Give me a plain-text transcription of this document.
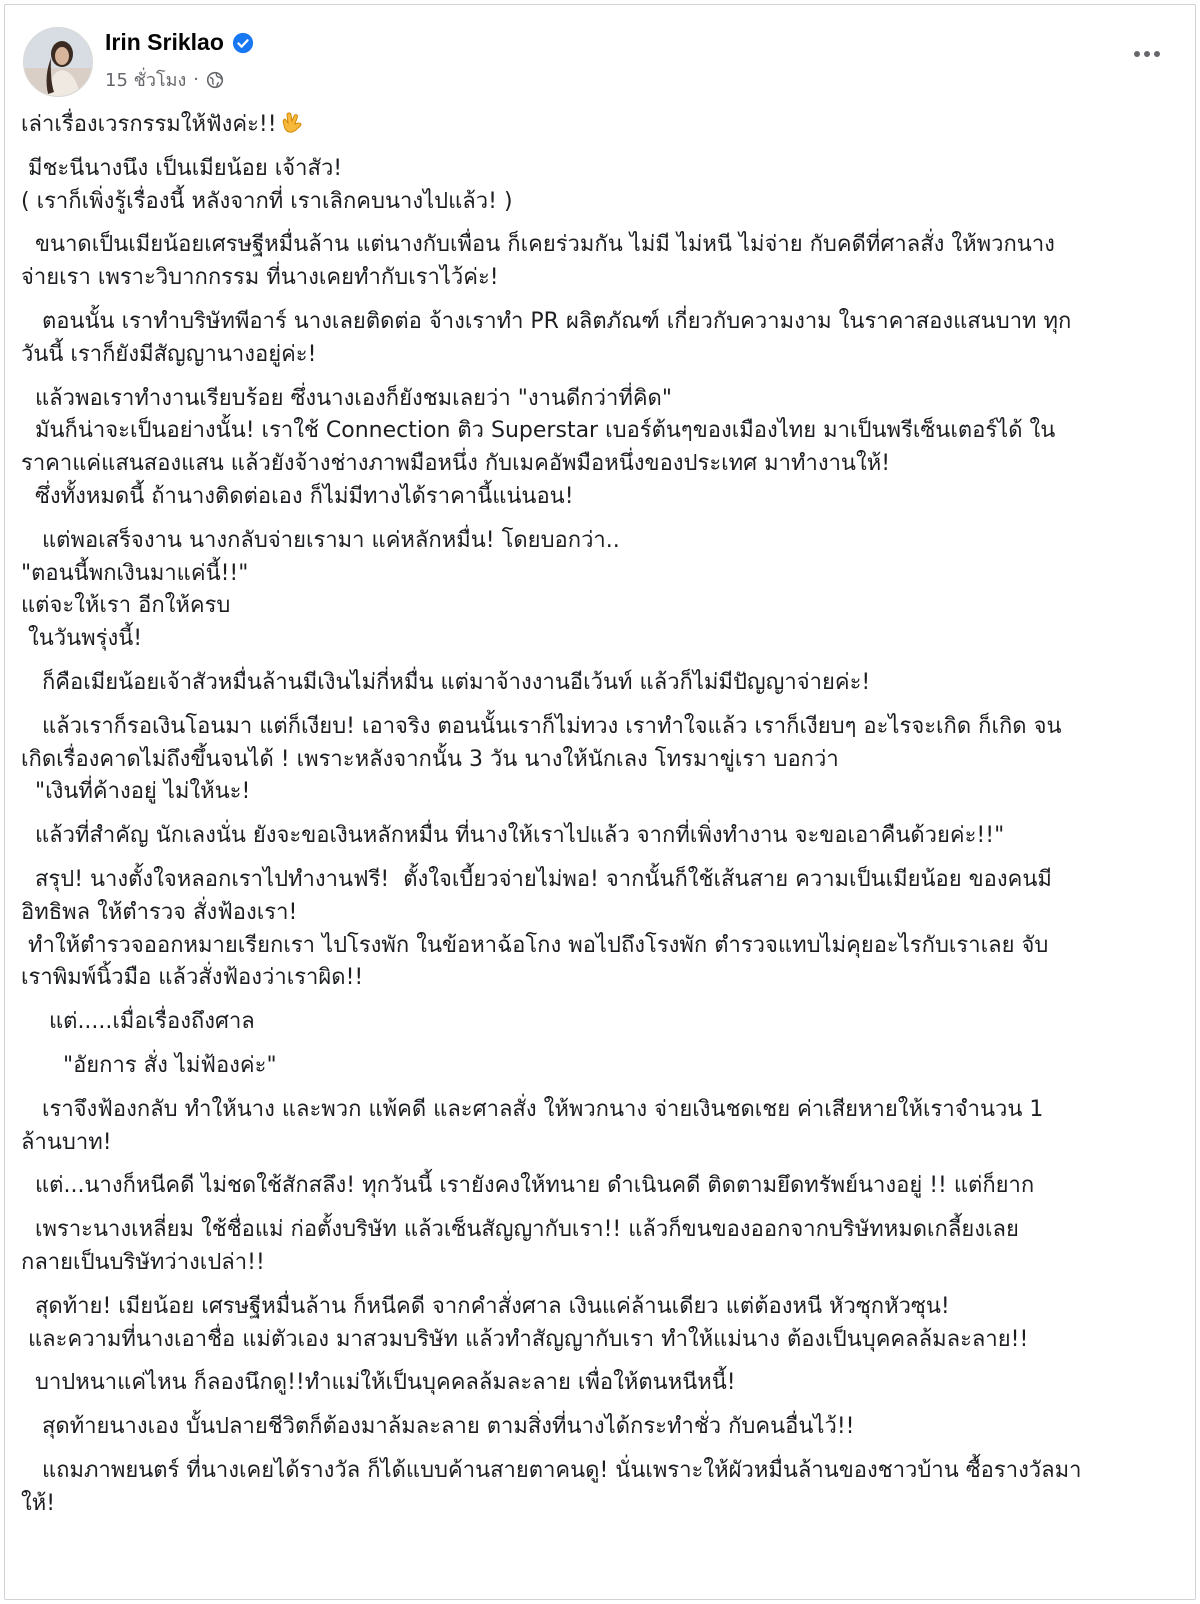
Irin Sriklao
15 ชั่วโมง ·
เล่าเรื่องเวรกรรมให้ฟังค่ะ!!
มีชะนีนางนึง เป็นเมียน้อย เจ้าสัว!
( เราก็เพิ่งรู้เรื่องนี้ หลังจากที่ เราเลิกคบนางไปแล้ว! )
ขนาดเป็นเมียน้อยเศรษฐีหมื่นล้าน แต่นางกับเพื่อน ก็เคยร่วมกัน ไม่มี ไม่หนี ไม่จ่าย กับคดีที่ศาลสั่ง ให้พวกนาง
จ่ายเรา เพราะวิบากกรรม ที่นางเคยทำกับเราไว้ค่ะ!
ตอนนั้น เราทำบริษัทพีอาร์ นางเลยติดต่อ จ้างเราทำ PR ผลิตภัณฑ์ เกี่ยวกับความงาม ในราคาสองแสนบาท ทุก
วันนี้ เราก็ยังมีสัญญานางอยู่ค่ะ!
แล้วพอเราทำงานเรียบร้อย ซึ่งนางเองก็ยังชมเลยว่า "งานดีกว่าที่คิด"
มันก็น่าจะเป็นอย่างนั้น! เราใช้ Connection ติว Superstar เบอร์ต้นๆของเมืองไทย มาเป็นพรีเซ็นเตอร์ได้ ใน
ราคาแค่แสนสองแสน แล้วยังจ้างช่างภาพมือหนึ่ง กับเมคอัพมือหนึ่งของประเทศ มาทำงานให้!
ซึ่งทั้งหมดนี้ ถ้านางติดต่อเอง ก็ไม่มีทางได้ราคานี้แน่นอน!
แต่พอเสร็จงาน นางกลับจ่ายเรามา แค่หลักหมื่น! โดยบอกว่า..
"ตอนนี้พกเงินมาแค่นี้!!"
แต่จะให้เรา อีกให้ครบ
ในวันพรุ่งนี้!
ก็คือเมียน้อยเจ้าสัวหมื่นล้านมีเงินไม่กี่หมื่น แต่มาจ้างงานอีเว้นท์ แล้วก็ไม่มีปัญญาจ่ายค่ะ!
แล้วเราก็รอเงินโอนมา แต่ก็เงียบ! เอาจริง ตอนนั้นเราก็ไม่ทวง เราทำใจแล้ว เราก็เงียบๆ อะไรจะเกิด ก็เกิด จน
เกิดเรื่องคาดไม่ถึงขึ้นจนได้ ! เพราะหลังจากนั้น 3 วัน นางให้นักเลง โทรมาขู่เรา บอกว่า
"เงินที่ค้างอยู่ ไม่ให้นะ!
แล้วที่สำคัญ นักเลงนั่น ยังจะขอเงินหลักหมื่น ที่นางให้เราไปแล้ว จากที่เพิ่งทำงาน จะขอเอาคืนด้วยค่ะ!!"
สรุป! นางตั้งใจหลอกเราไปทำงานฟรี!  ตั้งใจเบี้ยวจ่ายไม่พอ! จากนั้นก็ใช้เส้นสาย ความเป็นเมียน้อย ของคนมี
อิทธิพล ให้ตำรวจ สั่งฟ้องเรา!
ทำให้ตำรวจออกหมายเรียกเรา ไปโรงพัก ในข้อหาฉ้อโกง พอไปถึงโรงพัก ตำรวจแทบไม่คุยอะไรกับเราเลย จับ
เราพิมพ์นิ้วมือ แล้วสั่งฟ้องว่าเราผิด!!
แต่.....เมื่อเรื่องถึงศาล
"อัยการ สั่ง ไม่ฟ้องค่ะ"
เราจึงฟ้องกลับ ทำให้นาง และพวก แพ้คดี และศาลสั่ง ให้พวกนาง จ่ายเงินชดเชย ค่าเสียหายให้เราจำนวน 1
ล้านบาท!
แต่...นางก็หนีคดี ไม่ชดใช้สักสลึง! ทุกวันนี้ เรายังคงให้ทนาย ดำเนินคดี ติดตามยึดทรัพย์นางอยู่ !! แต่ก็ยาก
เพราะนางเหลี่ยม ใช้ชื่อแม่ ก่อตั้งบริษัท แล้วเซ็นสัญญากับเรา!! แล้วก็ขนของออกจากบริษัทหมดเกลี้ยงเลย
กลายเป็นบริษัทว่างเปล่า!!
สุดท้าย! เมียน้อย เศรษฐีหมื่นล้าน ก็หนีคดี จากคำสั่งศาล เงินแค่ล้านเดียว แต่ต้องหนี หัวซุกหัวซุน!
และความที่นางเอาชื่อ แม่ตัวเอง มาสวมบริษัท แล้วทำสัญญากับเรา ทำให้แม่นาง ต้องเป็นบุคคลล้มละลาย!!
บาปหนาแค่ไหน ก็ลองนึกดู!!ทำแม่ให้เป็นบุคคลล้มละลาย เพื่อให้ตนหนีหนี้!
สุดท้ายนางเอง บั้นปลายชีวิตก็ต้องมาล้มละลาย ตามสิ่งที่นางได้กระทำชั่ว กับคนอื่นไว้!!
แถมภาพยนตร์ ที่นางเคยได้รางวัล ก็ได้แบบค้านสายตาคนดู! นั่นเพราะให้ผัวหมื่นล้านของชาวบ้าน ซื้อรางวัลมา
ให้!
